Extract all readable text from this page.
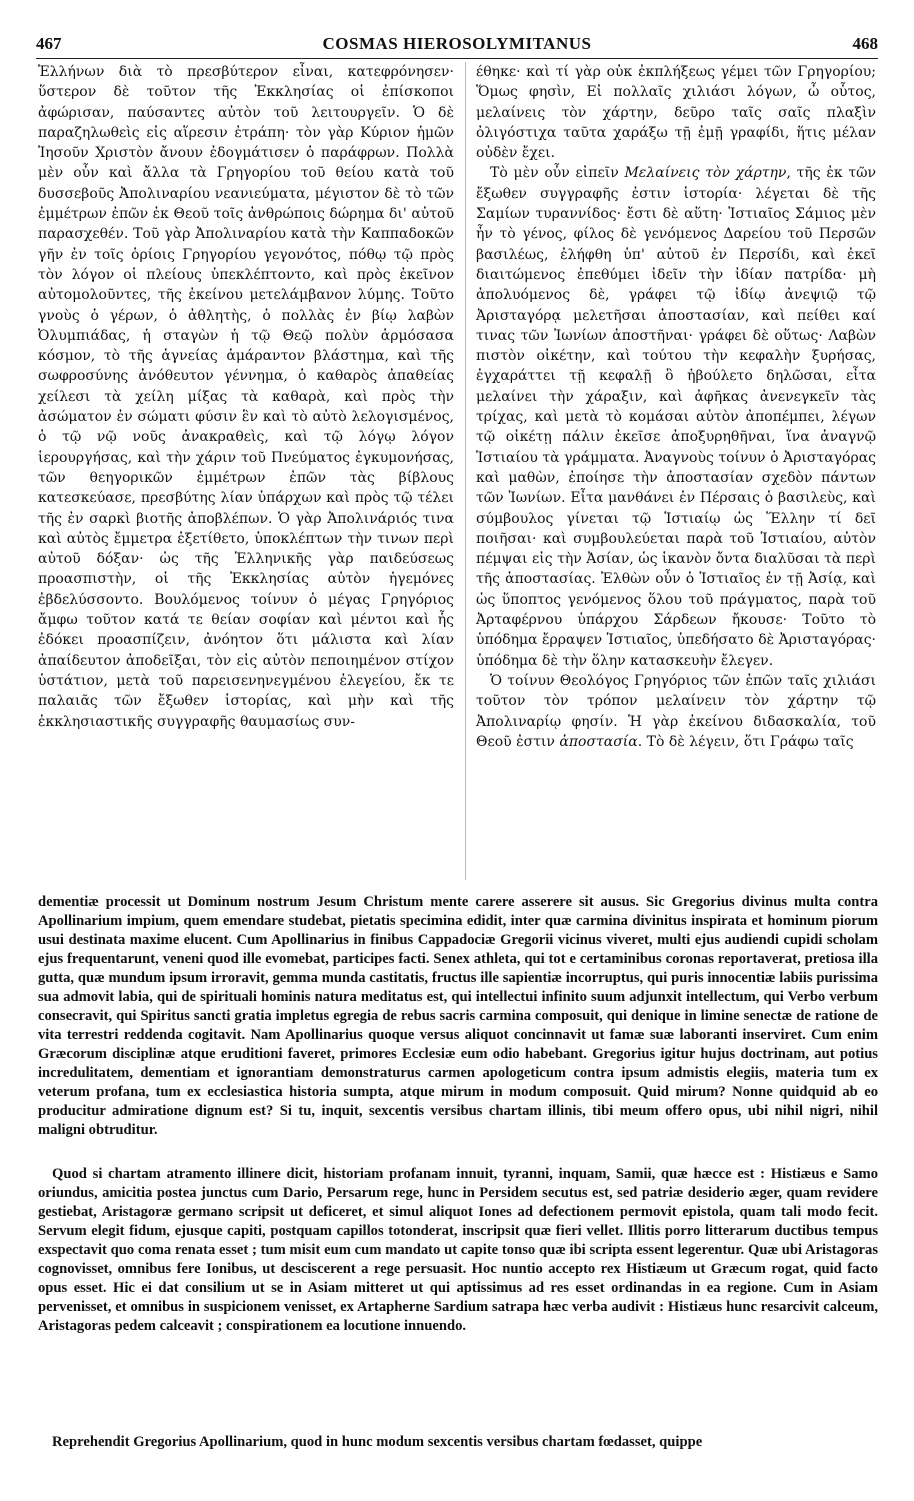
467	COSMAS HIEROSOLYMITANUS	468

Ἑλλήνων διὰ τὸ πρεσβύτερον εἶναι, κατεφρόνησεν· ὕστερον δὲ τοῦτον τῆς Ἐκκλησίας οἱ ἐπίσκοποι ἀφώρισαν, παύσαντες αὐτὸν τοῦ λειτουργεῖν. Ὁ δὲ παραζηλωθεὶς εἰς αἵρεσιν ἐτράπη· τὸν γὰρ Κύριον ἡμῶν Ἰησοῦν Χριστὸν ἄνουν ἐδογμάτισεν ὁ παράφρων. Πολλὰ μὲν οὖν καὶ ἄλλα τὰ Γρηγορίου τοῦ θείου κατὰ τοῦ δυσσεβοῦς Ἀπολιναρίου νεανιεύματα, μέγιστον δὲ τὸ τῶν ἐμμέτρων ἐπῶν ἐκ Θεοῦ τοῖς ἀνθρώποις δώρημα δι' αὐτοῦ παρασχεθέν. Τοῦ γὰρ Ἀπολιναρίου κατὰ τὴν Καππαδοκῶν γῆν ἐν τοῖς ὁρίοις Γρηγορίου γεγονότος, πόθῳ τῷ πρὸς τὸν λόγον οἱ πλείους ὑπεκλέπτοντο, καὶ πρὸς ἐκεῖνον αὐτομολοῦντες, τῆς ἐκείνου μετελάμβανον λύμης. Τοῦτο γνοὺς ὁ γέρων, ὁ ἀθλητὴς, ὁ πολλὰς ἐν βίῳ λαβὼν Ὀλυμπιάδας, ἡ σταγὼν ἡ τῷ Θεῷ πολὺν ἁρμόσασα κόσμον, τὸ τῆς ἁγνείας ἀμάραντον βλάστημα, καὶ τῆς σωφροσύνης ἀνόθευτον γέννημα, ὁ καθαρὸς ἀπαθείας χείλεσι τὰ χείλη μίξας τὰ καθαρὰ, καὶ πρὸς τὴν ἀσώματον ἐν σώματι φύσιν ἓν καὶ τὸ αὐτὸ λελογισμένος, ὁ τῷ νῷ νοῦς ἀνακραθεὶς, καὶ τῷ λόγῳ λόγον ἱερουργήσας, καὶ τὴν χάριν τοῦ Πνεύματος ἐγκυμονήσας, τῶν θεηγορικῶν ἐμμέτρων ἐπῶν τὰς βίβλους κατεσκεύασε, πρεσβύτης λίαν ὑπάρχων καὶ πρὸς τῷ τέλει τῆς ἐν σαρκὶ βιοτῆς ἀποβλέπων. Ὁ γὰρ Ἀπολινάριός τινα καὶ αὐτὸς ἔμμετρα ἐξετίθετο, ὑποκλέπτων τὴν τινων περὶ αὐτοῦ δόξαν· ὡς τῆς Ἑλληνικῆς γὰρ παιδεύσεως προασπιστὴν, οἱ τῆς Ἐκκλησίας αὐτὸν ἡγεμόνες ἐβδελύσσοντο. Βουλόμενος τοίνυν ὁ μέγας Γρηγόριος ἄμφω τοῦτον κατά τε θείαν σοφίαν καὶ μέντοι καὶ ἧς ἐδόκει προασπίζειν, ἀνόητον ὅτι μάλιστα καὶ λίαν ἀπαίδευτον ἀποδεῖξαι, τὸν εἰς αὐτὸν πεποιημένον στίχον ὑστάτιον, μετὰ τοῦ παρεισενηνεγμένου ἐλεγείου, ἔκ τε παλαιᾶς τῶν ἔξωθεν ἱστορίας, καὶ μὴν καὶ τῆς ἐκκλησιαστικῆς συγγραφῆς θαυμασίως συν-

έθηκε· καὶ τί γὰρ οὐκ ἐκπλήξεως γέμει τῶν Γρηγορίου; Ὅμως φησὶν, Εἰ πολλαῖς χιλιάσι λόγων, ὦ οὗτος, μελαίνεις τὸν χάρτην, δεῦρο ταῖς σαῖς πλαξὶν ὀλιγόστιχα ταῦτα χαράξω τῇ ἐμῇ γραφίδι, ἥτις μέλαν οὐδὲν ἔχει.

Τὸ μὲν οὖν εἰπεῖν Μελαίνεις τὸν χάρτην, τῆς ἐκ τῶν ἔξωθεν συγγραφῆς ἐστιν ἱστορία· λέγεται δὲ τῆς Σαμίων τυραννίδος· ἔστι δὲ αὕτη· Ἱστιαῖος Σάμιος μὲν ἦν τὸ γένος, φίλος δὲ γενόμενος Δαρείου τοῦ Περσῶν βασιλέως, ἐλήφθη ὑπ' αὐτοῦ ἐν Περσίδι, καὶ ἐκεῖ διαιτώμενος ἐπεθύμει ἰδεῖν τὴν ἰδίαν πατρίδα· μὴ ἀπολυόμενος δὲ, γράφει τῷ ἰδίῳ ἀνεψιῷ τῷ Ἀρισταγόρᾳ μελετῆσαι ἀποστασίαν, καὶ πείθει καί τινας τῶν Ἰωνίων ἀποστῆναι· γράφει δὲ οὕτως· Λαβὼν πιστὸν οἰκέτην, καὶ τούτου τὴν κεφαλὴν ξυρήσας, ἐγχαράττει τῇ κεφαλῇ ὃ ἠβούλετο δηλῶσαι, εἶτα μελαίνει τὴν χάραξιν, καὶ ἀφῆκας ἀνενεγκεῖν τὰς τρίχας, καὶ μετὰ τὸ κομάσαι αὐτὸν ἀποπέμπει, λέγων τῷ οἰκέτῃ πάλιν ἐκεῖσε ἀποξυρηθῆναι, ἵνα ἀναγνῷ Ἱστιαίου τὰ γράμματα. Ἀναγνοὺς τοίνυν ὁ Ἀρισταγόρας καὶ μαθὼν, ἐποίησε τὴν ἀποστασίαν σχεδὸν πάντων τῶν Ἰωνίων. Εἶτα μανθάνει ἐν Πέρσαις ὁ βασιλεὺς, καὶ σύμβουλος γίνεται τῷ Ἱστιαίῳ ὡς Ἕλλην τί δεῖ ποιῆσαι· καὶ συμβουλεύεται παρὰ τοῦ Ἱστιαίου, αὐτὸν πέμψαι εἰς τὴν Ἀσίαν, ὡς ἱκανὸν ὄντα διαλῦσαι τὰ περὶ τῆς ἀποστασίας. Ἐλθὼν οὖν ὁ Ἱστιαῖος ἐν τῇ Ἀσίᾳ, καὶ ὡς ὕποπτος γενόμενος ὅλου τοῦ πράγματος, παρὰ τοῦ Ἀρταφέρνου ὑπάρχου Σάρδεων ἤκουσε· Τοῦτο τὸ ὑπόδημα ἔρραψεν Ἱστιαῖος, ὑπεδήσατο δὲ Ἀρισταγόρας· ὑπόδημα δὲ τὴν ὅλην κατασκευὴν ἔλεγεν.

Ὁ τοίνυν Θεολόγος Γρηγόριος τῶν ἐπῶν ταῖς χιλιάσι τοῦτον τὸν τρόπον μελαίνειν τὸν χάρτην τῷ Ἀπολιναρίῳ φησίν. Ἡ γὰρ ἐκείνου διδασκαλία, τοῦ Θεοῦ ἐστιν ἀποστασία. Τὸ δὲ λέγειν, ὅτι Γράφω ταῖς

dementiæ processit ut Dominum nostrum Jesum Christum mente carere asserere sit ausus. Sic Gregorius divinus multa contra Apollinarium impium, quem emendare studebat, pietatis specimina edidit, inter quæ carmina divinitus inspirata et hominum piorum usui destinata maxime elucent. Cum Apollinarius in finibus Cappadociæ Gregorii vicinus viveret, multi ejus audiendi cupidi scholam ejus frequentarunt, veneni quod ille evomebat, participes facti. Senex athleta, qui tot e certaminibus coronas reportaverat, pretiosa illa gutta, quæ mundum ipsum irroravit, gemma munda castitatis, fructus ille sapientiæ incorruptus, qui puris innocentiæ labiis purissima sua admovit labia, qui de spirituali hominis natura meditatus est, qui intellectui infinito suum adjunxit intellectum, qui Verbo verbum consecravit, qui Spiritus sancti gratia impletus egregia de rebus sacris carmina composuit, qui denique in limine senectæ de ratione de vita terrestri reddenda cogitavit. Nam Apollinarius quoque versus aliquot concinnavit ut famæ suæ laboranti inserviret. Cum enim Græcorum disciplinæ atque eruditioni faveret, primores Ecclesiæ eum odio habebant. Gregorius igitur hujus doctrinam, aut potius incredulitatem, dementiam et ignorantiam demonstraturus carmen apologeticum contra ipsum admistis elegiis, materia tum ex veterum profana, tum ex ecclesiastica historia sumpta, atque mirum in modum composuit. Quid mirum? Nonne quidquid ab eo producitur admiratione dignum est? Si tu, inquit, sexcentis versibus chartam illinis, tibi meum offero opus, ubi nihil nigri, nihil maligni obtruditur.

Quod si chartam atramento illinere dicit, historiam profanam innuit, tyranni, inquam, Samii, quæ hæcce est : Histiæus e Samo oriundus, amicitia postea junctus cum Dario, Persarum rege, hunc in Persidem secutus est, sed patriæ desiderio æger, quam revidere gestiebat, Aristagoræ germano scripsit ut deficeret, et simul aliquot Iones ad defectionem permovit epistola, quam tali modo fecit. Servum elegit fidum, ejusque capiti, postquam capillos totonderat, inscripsit quæ fieri vellet. Illitis porro litterarum ductibus tempus exspectavit quo coma renata esset ; tum misit eum cum mandato ut capite tonso quæ ibi scripta essent legerentur. Quæ ubi Aristagoras cognovisset, omnibus fere Ionibus, ut desciscerent a rege persuasit. Hoc nuntio accepto rex Histiæum ut Græcum rogat, quid facto opus esset. Hic ei dat consilium ut se in Asiam mitteret ut qui aptissimus ad res esset ordinandas in ea regione. Cum in Asiam pervenisset, et omnibus in suspicionem venisset, ex Artapherne Sardium satrapa hæc verba audivit : Histiæus hunc resarcivit calceum, Aristagoras pedem calceavit ; conspirationem ea locutione innuendo.

Reprehendit Gregorius Apollinarium, quod in hunc modum sexcentis versibus chartam fœdasset, quippe
